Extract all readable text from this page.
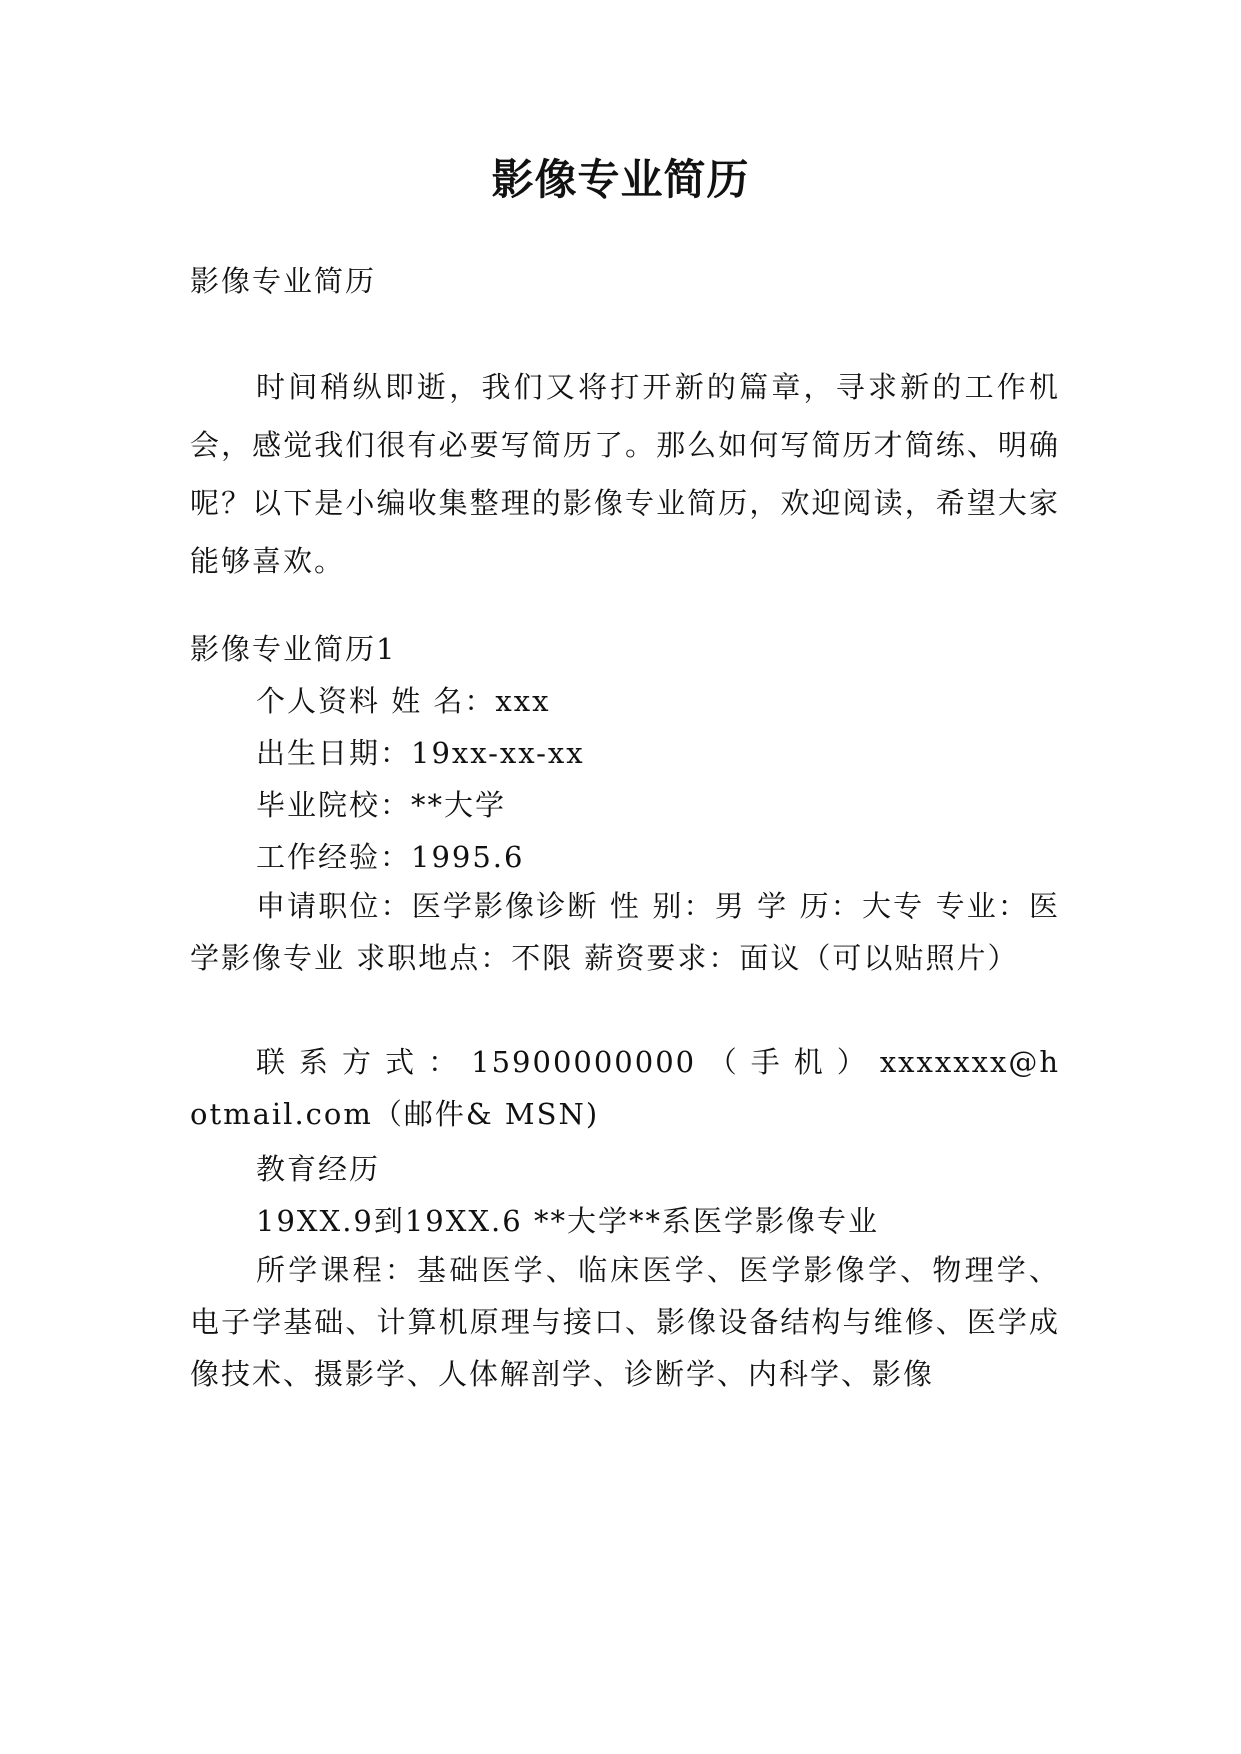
影像专业简历
影像专业简历
时间稍纵即逝，我们又将打开新的篇章，寻求新的工作机会，感觉我们很有必要写简历了。那么如何写简历才简练、明确呢？以下是小编收集整理的影像专业简历，欢迎阅读，希望大家能够喜欢。
影像专业简历1
个人资料 姓 名：xxx
出生日期：19xx-xx-xx
毕业院校：**大学
工作经验：1995.6
申请职位：医学影像诊断 性 别：男 学 历：大专 专业：医学影像专业 求职地点：不限 薪资要求：面议（可以贴照片）
联 系 方 式 ： 15900000000 （ 手 机 ） xxxxxxx@h otmail.com（邮件& MSN)
教育经历
19XX.9到19XX.6 **大学**系医学影像专业
所学课程：基础医学、临床医学、医学影像学、物理学、电子学基础、计算机原理与接口、影像设备结构与维修、医学成像技术、摄影学、人体解剖学、诊断学、内科学、影像
